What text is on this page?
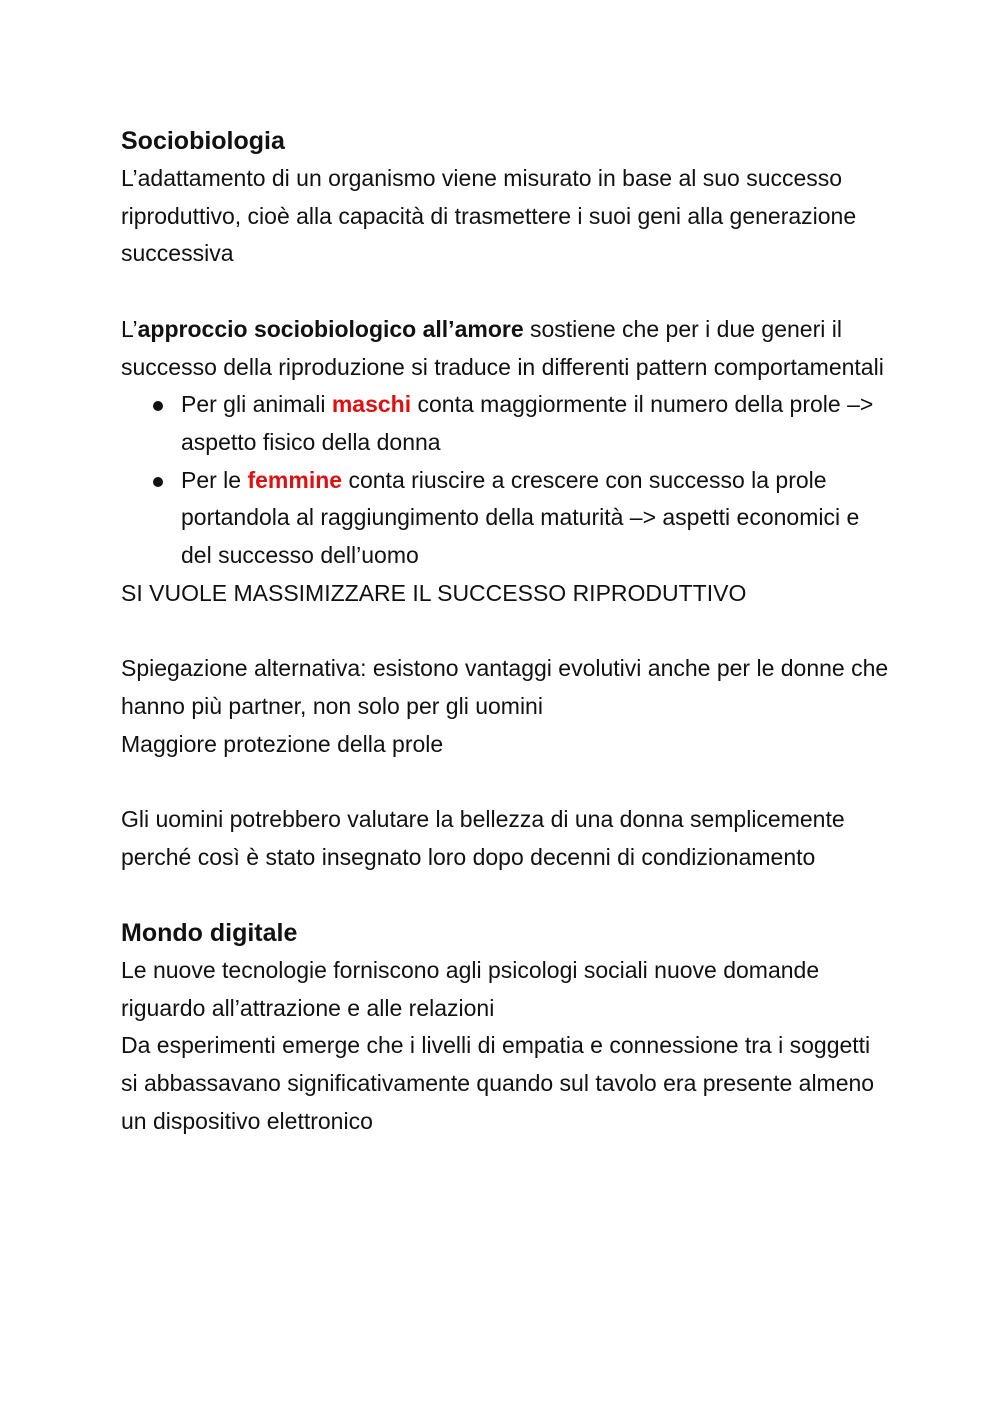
Sociobiologia

L’adattamento di un organismo viene misurato in base al suo successo riproduttivo, cioè alla capacità di trasmettere i suoi geni alla generazione successiva

L’approccio sociobiologico all’amore sostiene che per i due generi il successo della riproduzione si traduce in differenti pattern comportamentali

Per gli animali maschi conta maggiormente il numero della prole –> aspetto fisico della donna
Per le femmine conta riuscire a crescere con successo la prole portandola al raggiungimento della maturità –> aspetti economici e del successo dell’uomo

SI VUOLE MASSIMIZZARE IL SUCCESSO RIPRODUTTIVO

Spiegazione alternativa: esistono vantaggi evolutivi anche per le donne che hanno più partner, non solo per gli uomini

Maggiore protezione della prole

Gli uomini potrebbero valutare la bellezza di una donna semplicemente perché così è stato insegnato loro dopo decenni di condizionamento

Mondo digitale

Le nuove tecnologie forniscono agli psicologi sociali nuove domande riguardo all’attrazione e alle relazioni

Da esperimenti emerge che i livelli di empatia e connessione tra i soggetti si abbassavano significativamente quando sul tavolo era presente almeno un dispositivo elettronico
